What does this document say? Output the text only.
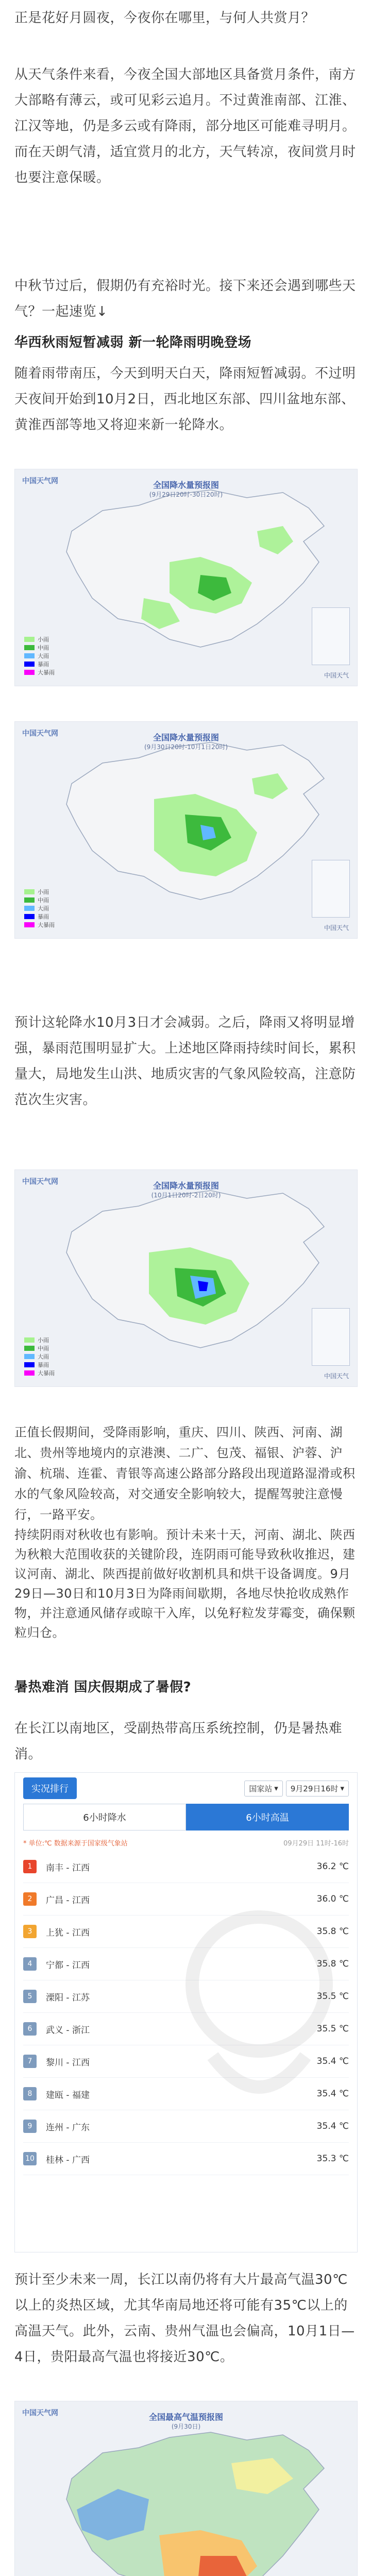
正是花好月圆夜，今夜你在哪里，与何人共赏月？

从天气条件来看，今夜全国大部地区具备赏月条件，南方大部略有薄云，或可见彩云追月。不过黄淮南部、江淮、江汉等地，仍是多云或有降雨，部分地区可能难寻明月。而在天朗气清，适宜赏月的北方，天气转凉，夜间赏月时也要注意保暖。

中秋节过后，假期仍有充裕时光。接下来还会遇到哪些天气？一起速览↓

华西秋雨短暂减弱 新一轮降雨明晚登场

随着雨带南压，今天到明天白天，降雨短暂减弱。不过明天夜间开始到10月2日，西北地区东部、四川盆地东部、黄淮西部等地又将迎来新一轮降水。

中国天气网	全国降水量预报图
(9月29日20时-30日20时)
小雨
中雨
大雨
暴雨
大暴雨	中国天气
中国天气网	全国降水量预报图
(9月30日20时-10月1日20时)
小雨
中雨
大雨
暴雨
大暴雨	中国天气

预计这轮降水10月3日才会减弱。之后，降雨又将明显增强，暴雨范围明显扩大。上述地区降雨持续时间长，累积量大，局地发生山洪、地质灾害的气象风险较高，注意防范次生灾害。

中国天气网	全国降水量预报图
(10月1日20时-2日20时)
小雨
中雨
大雨
暴雨
大暴雨	中国天气

正值长假期间，受降雨影响，重庆、四川、陕西、河南、湖北、贵州等地境内的京港澳、二广、包茂、福银、沪蓉、沪渝、杭瑞、连霍、青银等高速公路部分路段出现道路湿滑或积水的气象风险较高，对交通安全影响较大，提醒驾驶注意慢行，一路平安。

持续阴雨对秋收也有影响。预计未来十天，河南、湖北、陕西为秋粮大范围收获的关键阶段，连阴雨可能导致秋收推迟，建议河南、湖北、陕西提前做好收割机具和烘干设备调度。9月29日—30日和10月3日为降雨间歇期，各地尽快抢收成熟作物，并注意通风储存或晾干入库，以免籽粒发芽霉变，确保颗粒归仓。

实况排行	国家站 ▾ 9月29日16时 ▾
6小时降水	6小时高温
* 单位:℃ 数据来源于国家级气象站	09月29日 11时-16时
1	南丰 - 江西	36.2 ℃
2	广昌 - 江西	36.0 ℃
3	上犹 - 江西	35.8 ℃
4	宁都 - 江西	35.8 ℃
5	溧阳 - 江苏	35.5 ℃
6	武义 - 浙江	35.5 ℃
7	黎川 - 江西	35.4 ℃
8	建瓯 - 福建	35.4 ℃
9	连州 - 广东	35.4 ℃
10 桂林 - 广西	35.3 ℃

预计至少未来一周，长江以南仍将有大片最高气温30℃以上的炎热区域，尤其华南局地还将可能有35℃以上的高温天气。此外，云南、贵州气温也会偏高，10月1日—4日，贵阳最高气温也将接近30℃。

中国天气网	全国最高气温预报图
(9月30日)

暑热难消 国庆假期成了暑假?

在长江以南地区，受副热带高压系统控制，仍是暑热难消。
